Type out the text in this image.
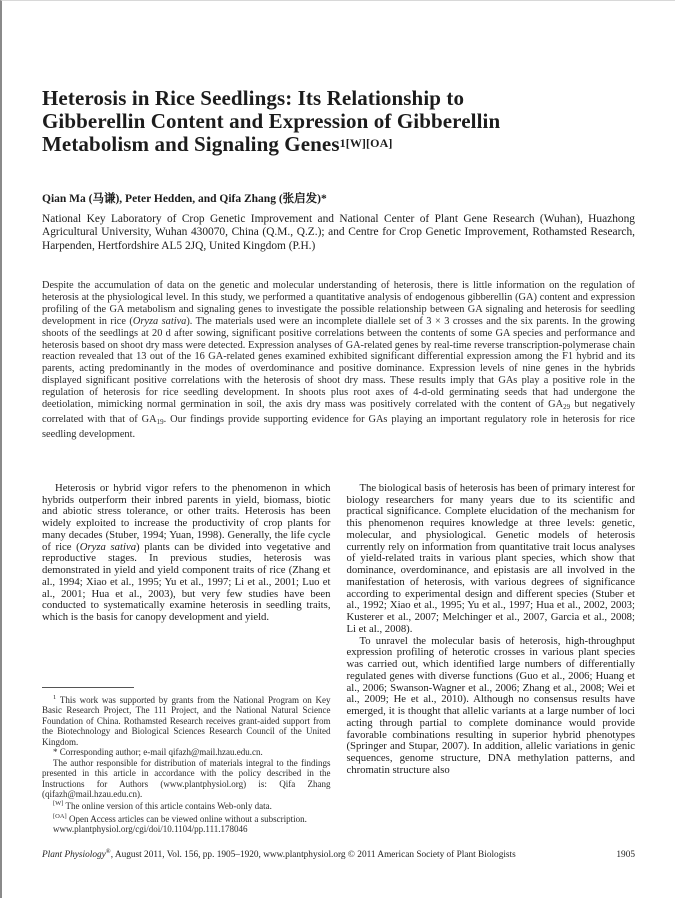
Heterosis in Rice Seedlings: Its Relationship to
Gibberellin Content and Expression of Gibberellin
Metabolism and Signaling Genes$^{1[W][OA]}$
Qian Ma (马谦), Peter Hedden, and Qifa Zhang (张启发)*
National Key Laboratory of Crop Genetic Improvement and National Center of Plant Gene Research (Wuhan), Huazhong Agricultural University, Wuhan 430070, China (Q.M., Q.Z.); and Centre for Crop Genetic Improvement, Rothamsted Research, Harpenden, Hertfordshire AL5 2JQ, United Kingdom (P.H.)
Despite the accumulation of data on the genetic and molecular understanding of heterosis, there is little information on the regulation of heterosis at the physiological level. In this study, we performed a quantitative analysis of endogenous gibberellin (GA) content and expression profiling of the GA metabolism and signaling genes to investigate the possible relationship between GA signaling and heterosis for seedling development in rice (Oryza sativa). The materials used were an incomplete diallele set of 3 × 3 crosses and the six parents. In the growing shoots of the seedlings at 20 d after sowing, significant positive correlations between the contents of some GA species and performance and heterosis based on shoot dry mass were detected. Expression analyses of GA-related genes by real-time reverse transcription-polymerase chain reaction revealed that 13 out of the 16 GA-related genes examined exhibited significant differential expression among the F1 hybrid and its parents, acting predominantly in the modes of overdominance and positive dominance. Expression levels of nine genes in the hybrids displayed significant positive correlations with the heterosis of shoot dry mass. These results imply that GAs play a positive role in the regulation of heterosis for rice seedling development. In shoots plus root axes of 4-d-old germinating seeds that had undergone the deetiolation, mimicking normal germination in soil, the axis dry mass was positively correlated with the content of $GA_{29}$ but negatively correlated with that of $GA_{19}$. Our findings provide supporting evidence for GAs playing an important regulatory role in heterosis for rice seedling development.

Heterosis or hybrid vigor refers to the phenomenon in which hybrids outperform their inbred parents in yield, biomass, biotic and abiotic stress tolerance, or other traits. Heterosis has been widely exploited to increase the productivity of crop plants for many decades (Stuber, 1994; Yuan, 1998). Generally, the life cycle of rice (Oryza sativa) plants can be divided into vegetative and reproductive stages. In previous studies, heterosis was demonstrated in yield and yield component traits of rice (Zhang et al., 1994; Xiao et al., 1995; Yu et al., 1997; Li et al., 2001; Luo et al., 2001; Hua et al., 2003), but very few studies have been conducted to systematically examine heterosis in seedling traits, which is the basis for canopy development and yield.

$^1$ This work was supported by grants from the National Program on Key Basic Research Project, The 111 Project, and the National Natural Science Foundation of China. Rothamsted Research receives grant-aided support from the Biotechnology and Biological Sciences Research Council of the United Kingdom.

* Corresponding author; e-mail qifazh@mail.hzau.edu.cn.

The author responsible for distribution of materials integral to the findings presented in this article in accordance with the policy described in the Instructions for Authors (www.plantphysiol.org) is: Qifa Zhang (qifazh@mail.hzau.edu.cn).

[W] The online version of this article contains Web-only data.

[OA] Open Access articles can be viewed online without a subscription.

www.plantphysiol.org/cgi/doi/10.1104/pp.111.178046

The biological basis of heterosis has been of primary interest for biology researchers for many years due to its scientific and practical significance. Complete elucidation of the mechanism for this phenomenon requires knowledge at three levels: genetic, molecular, and physiological. Genetic models of heterosis currently rely on information from quantitative trait locus analyses of yield-related traits in various plant species, which show that dominance, overdominance, and epistasis are all involved in the manifestation of heterosis, with various degrees of significance according to experimental design and different species (Stuber et al., 1992; Xiao et al., 1995; Yu et al., 1997; Hua et al., 2002, 2003; Kusterer et al., 2007; Melchinger et al., 2007, Garcia et al., 2008; Li et al., 2008).

To unravel the molecular basis of heterosis, high-throughput expression profiling of heterotic crosses in various plant species was carried out, which identified large numbers of differentially regulated genes with diverse functions (Guo et al., 2006; Huang et al., 2006; Swanson-Wagner et al., 2006; Zhang et al., 2008; Wei et al., 2009; He et al., 2010). Although no consensus results have emerged, it is thought that allelic variants at a large number of loci acting through partial to complete dominance would provide favorable combinations resulting in superior hybrid phenotypes (Springer and Stupar, 2007). In addition, allelic variations in genic sequences, genome structure, DNA methylation patterns, and chromatin structure also

Plant Physiology®, August 2011, Vol. 156, pp. 1905–1920, www.plantphysiol.org © 2011 American Society of Plant Biologists	1905
